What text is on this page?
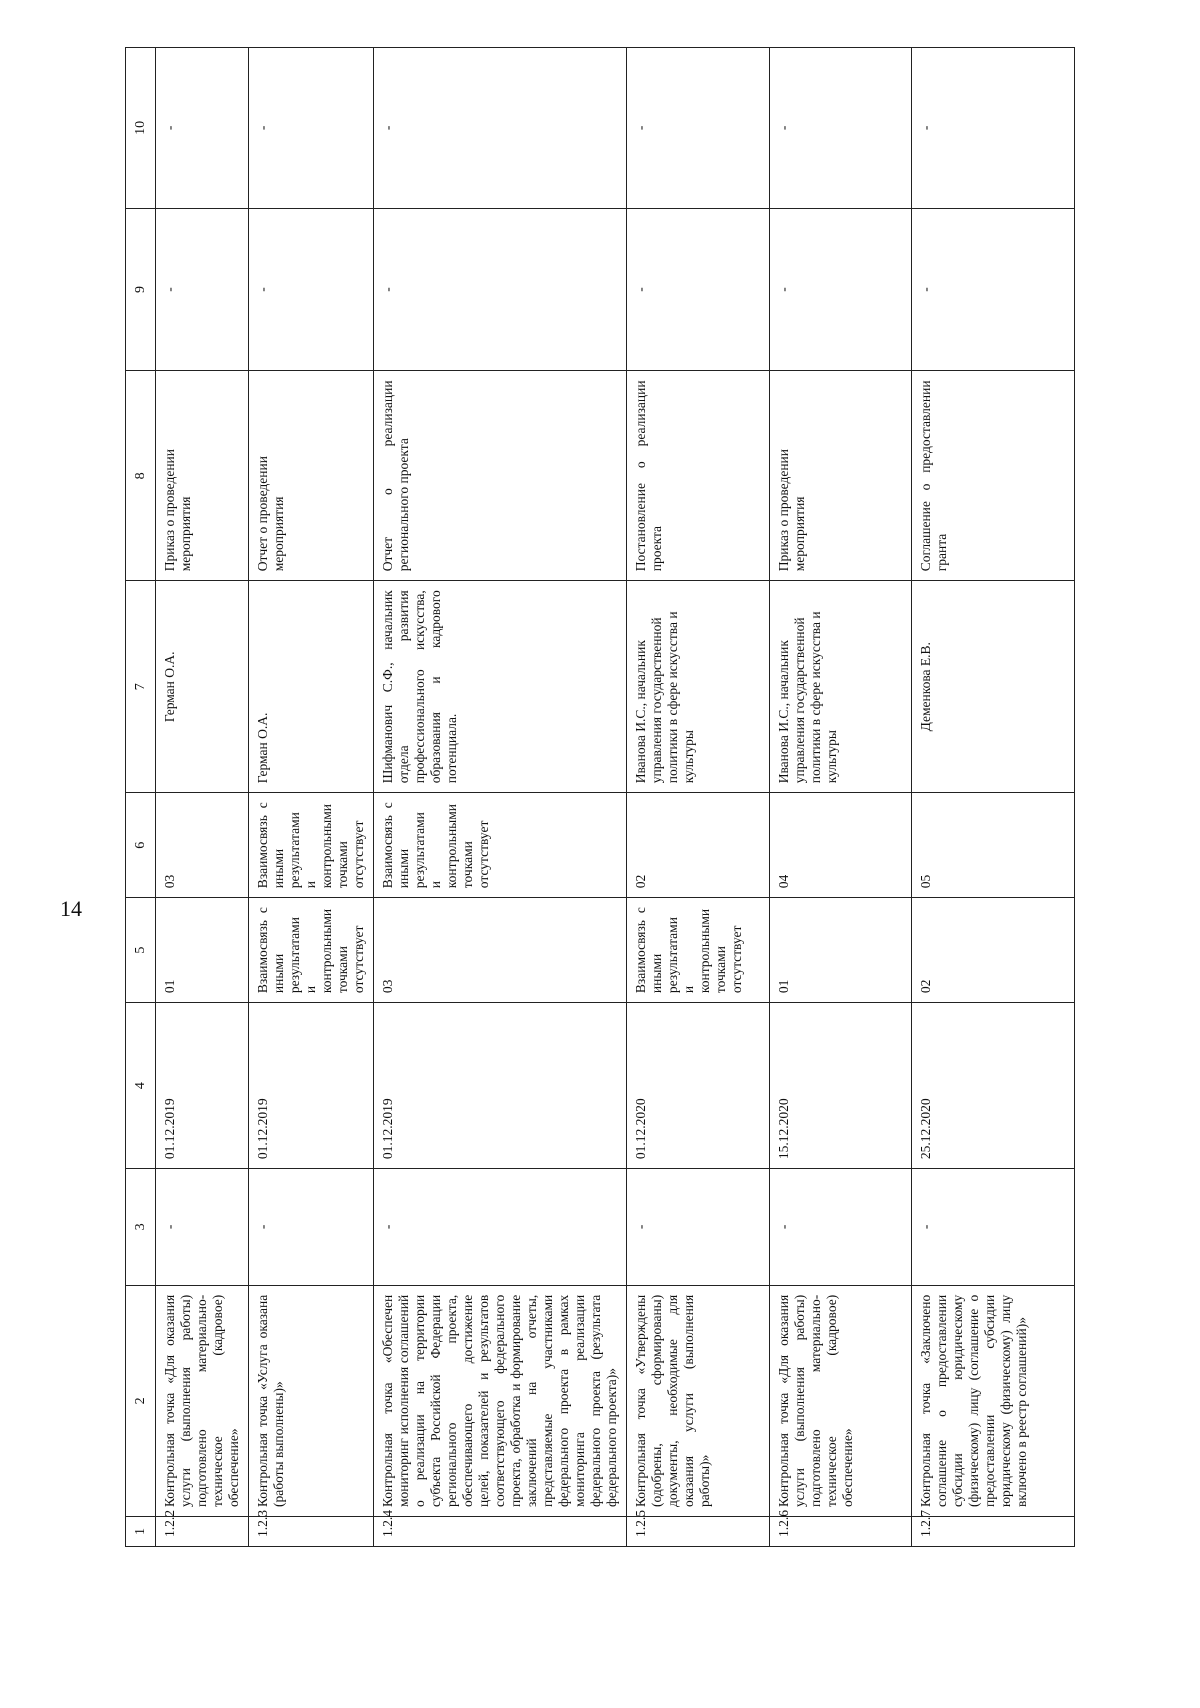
14
1	2	3	4	5	6	7	8	9	10
1.2.2	Контрольная точка «Для оказания услуги (выполнения работы) подготовлено материально-техническое (кадровое) обеспечение»	-	01.12.2019	01	03	Герман О.А.	Приказ о проведении мероприятия	-	-
1.2.3	Контрольная точка «Услуга оказана (работы выполнены)»	-	01.12.2019	Взаимосвязь с иными результатами и контрольными точками отсутствует	Взаимосвязь с иными результатами и контрольными точками отсутствует	Герман О.А.	Отчет о проведении мероприятия	-	-
1.2.4	Контрольная точка «Обеспечен мониторинг исполнения соглашений о реализации на территории субъекта Российской Федерации регионального проекта, обеспечивающего достижение целей, показателей и результатов соответствующего федерального проекта, обработка и формирование заключений на отчеты, представляемые участниками федерального проекта в рамках мониторинга реализации федерального проекта (результата федерального проекта)»	-	01.12.2019	03	Взаимосвязь с иными результатами и контрольными точками отсутствует	Шифманович С.Ф., начальник отдела развития профессионального искусства, образования и кадрового потенциала.	Отчет о реализации регионального проекта	-	-
1.2.5	Контрольная точка «Утверждены (одобрены, сформированы) документы, необходимые для оказания услуги (выполнения работы)»	-	01.12.2020	Взаимосвязь с иными результатами и контрольными точками отсутствует	02	Иванова И.С., начальник управления государственной политики в сфере искусства и культуры	Постановление о реализации проекта	-	-
1.2.6	Контрольная точка «Для оказания услуги (выполнения работы) подготовлено материально-техническое (кадровое) обеспечение»	-	15.12.2020	01	04	Иванова И.С., начальник управления государственной политики в сфере искусства и культуры	Приказ о проведении мероприятия	-	-
1.2.7	Контрольная точка «Заключено соглашение о предоставлении субсидии юридическому (физическому) лицу (соглашение о предоставлении субсидии юридическому (физическому) лицу включено в реестр соглашений)»	-	25.12.2020	02	05	Деменкова Е.В.	Соглашение о предоставлении гранта	-	-
